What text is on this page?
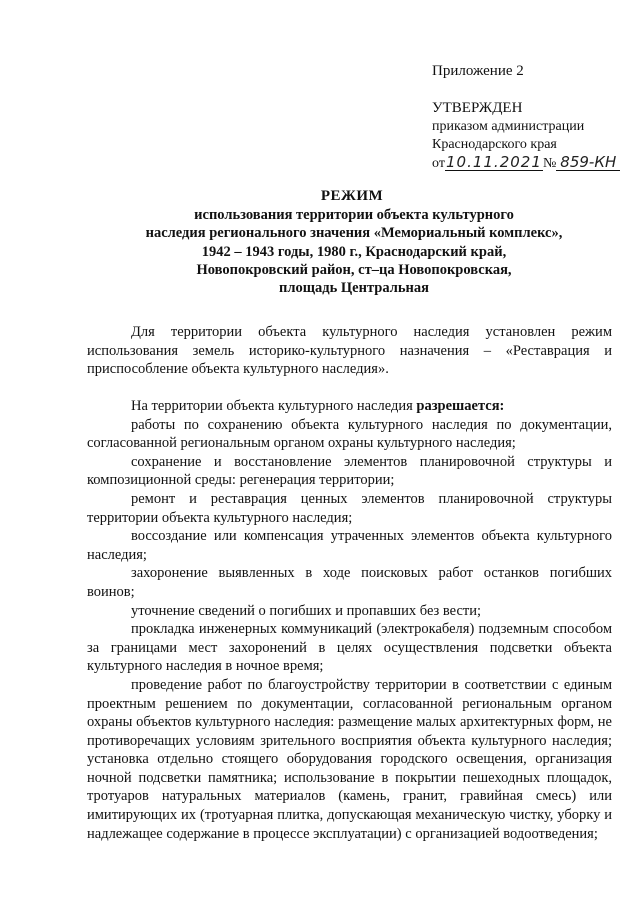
Приложение 2
УТВЕРЖДЕН
приказом администрации
Краснодарского края
от10.11.2021№ 859-КН
РЕЖИМ
использования территории объекта культурного
наследия регионального значения «Мемориальный комплекс»,
1942 – 1943 годы, 1980 г., Краснодарский край,
Новопокровский район, ст–ца Новопокровская,
площадь Центральная

Для территории объекта культурного наследия установлен режим использования земель историко-культурного назначения – «Реставрация и приспособление объекта культурного наследия».

На территории объекта культурного наследия разрешается:

работы по сохранению объекта культурного наследия по документации, согласованной региональным органом охраны культурного наследия;

сохранение и восстановление элементов планировочной структуры и композиционной среды: регенерация территории;

ремонт и реставрация ценных элементов планировочной структуры территории объекта культурного наследия;

воссоздание или компенсация утраченных элементов объекта культурного наследия;

захоронение выявленных в ходе поисковых работ останков погибших воинов;

уточнение сведений о погибших и пропавших без вести;

прокладка инженерных коммуникаций (электрокабеля) подземным способом за границами мест захоронений в целях осуществления подсветки объекта культурного наследия в ночное время;

проведение работ по благоустройству территории в соответствии с единым проектным решением по документации, согласованной региональным органом охраны объектов культурного наследия: размещение малых архитектурных форм, не противоречащих условиям зрительного восприятия объекта культурного наследия; установка отдельно стоящего оборудования городского освещения, организация ночной подсветки памятника; использование в покрытии пешеходных площадок, тротуаров натуральных материалов (камень, гранит, гравийная смесь) или имитирующих их (тротуарная плитка, допускающая механическую чистку, уборку и надлежащее содержание в процессе эксплуатации) с организацией водоотведения;
